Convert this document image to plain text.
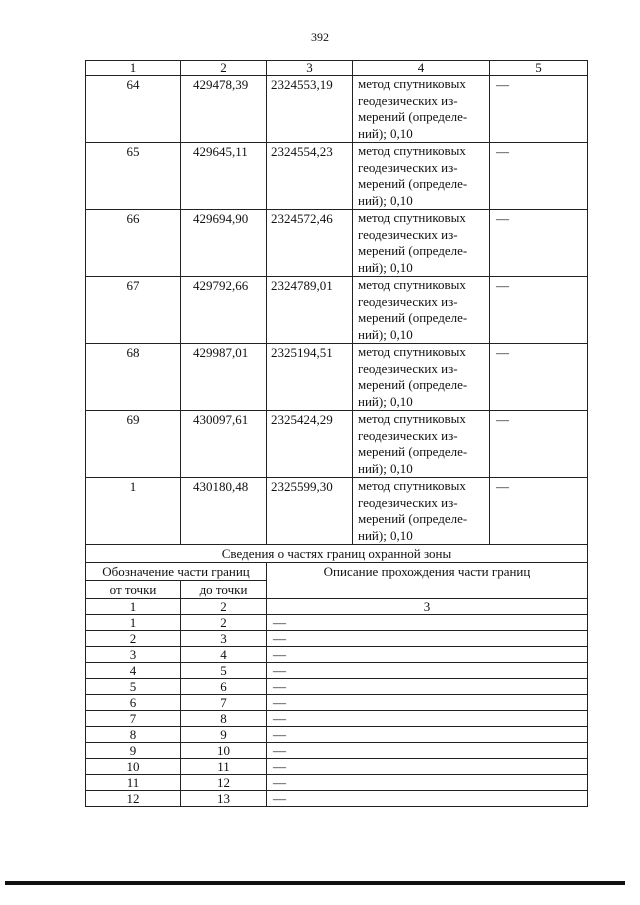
392
1	2	3	4	5
64	429478,39	2324553,19	метод спутниковых
геодезических из-
мерений (определе-
ний); 0,10	—
65	429645,11	2324554,23	метод спутниковых
геодезических из-
мерений (определе-
ний); 0,10	—
66	429694,90	2324572,46	метод спутниковых
геодезических из-
мерений (определе-
ний); 0,10	—
67	429792,66	2324789,01	метод спутниковых
геодезических из-
мерений (определе-
ний); 0,10	—
68	429987,01	2325194,51	метод спутниковых
геодезических из-
мерений (определе-
ний); 0,10	—
69	430097,61	2325424,29	метод спутниковых
геодезических из-
мерений (определе-
ний); 0,10	—
1	430180,48	2325599,30	метод спутниковых
геодезических из-
мерений (определе-
ний); 0,10	—
Сведения о частях границ охранной зоны				
Обозначение части границ		Описание прохождения части границ		
от точки	до точки			
1	2	3		
1	2	—		
2	3	—		
3	4	—		
4	5	—		
5	6	—		
6	7	—		
7	8	—		
8	9	—		
9	10	—		
10	11	—		
11	12	—		
12	13	—		
